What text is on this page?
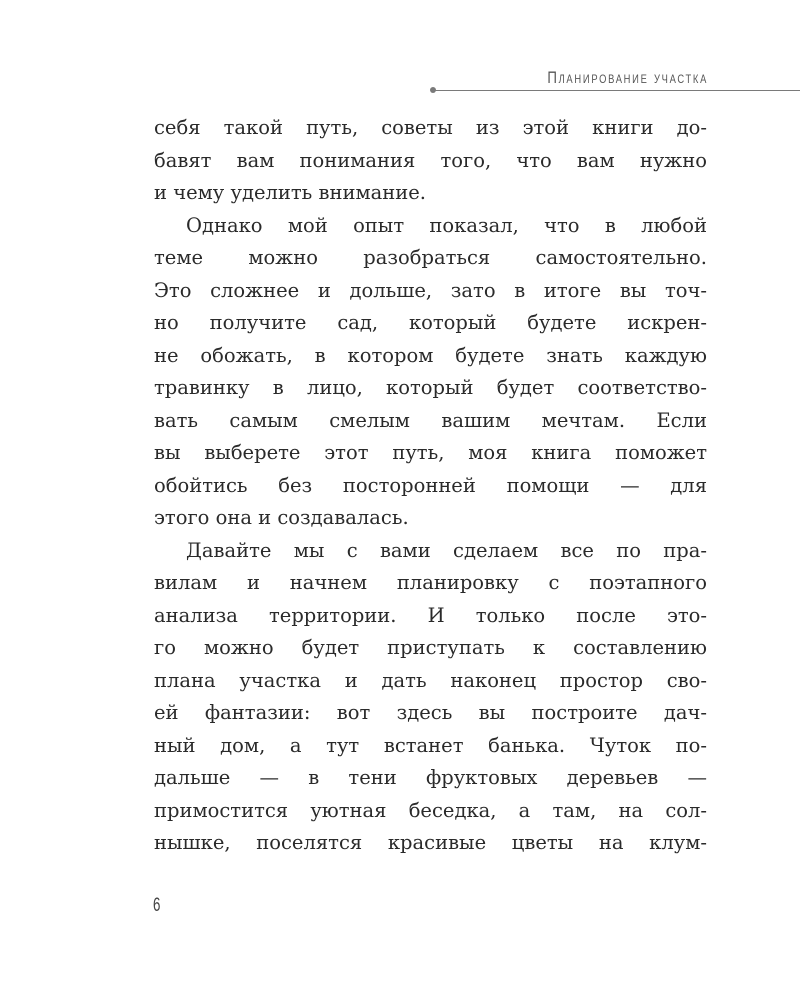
Планирование участка
себя такой путь, советы из этой книги до-
бавят вам понимания того, что вам нужно
и чему уделить внимание.
Однако мой опыт показал, что в любой
теме можно разобраться самостоятельно.
Это сложнее и дольше, зато в итоге вы точ-
но получите сад, который будете искрен-
не обожать, в котором будете знать каждую
травинку в лицо, который будет соответство-
вать самым смелым вашим мечтам. Если
вы выберете этот путь, моя книга поможет
обойтись без посторонней помощи — для
этого она и создавалась.
Давайте мы с вами сделаем все по пра-
вилам и начнем планировку с поэтапного
анализа территории. И только после это-
го можно будет приступать к составлению
плана участка и дать наконец простор сво-
ей фантазии: вот здесь вы построите дач-
ный дом, а тут встанет банька. Чуток по-
дальше — в тени фруктовых деревьев —
примостится уютная беседка, а там, на сол-
нышке, поселятся красивые цветы на клум-
6
